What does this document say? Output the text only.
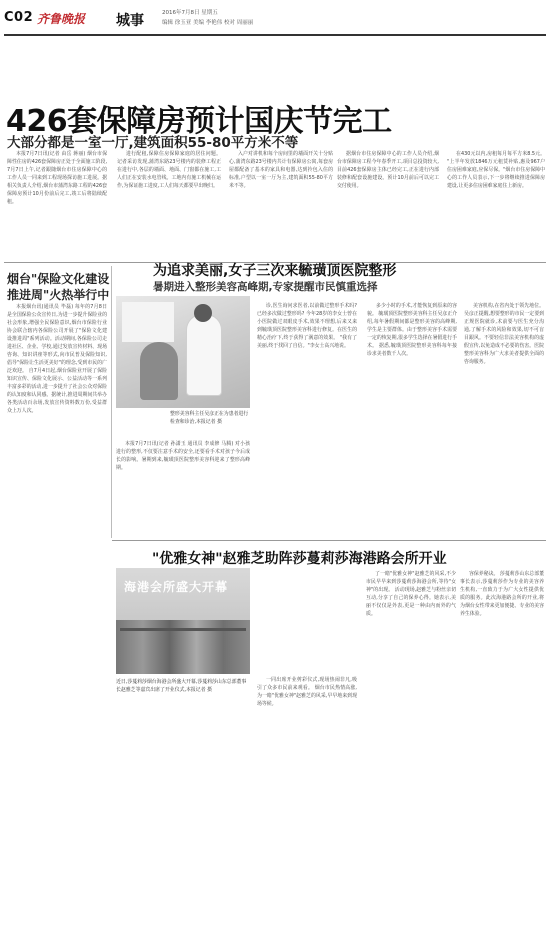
C02 齐鲁晚报 城事	2016年7月8日 星期五
编辑 徐玉亚 美编 李艳伟 校对 周丽丽
426套保障房预计国庆节完工
大部分都是一室一厅,建筑面积55-80平方米不等

本报7月7日讯(记者 由岳 蒋丽) 烟台市保障性住房的426套保障房正处于全面施工阶段,7月7日上午,记者跟随烟台市住房保障中心的工作人员一同来到工程现场探访施工进展。据相关负责人介绍,烟台市蒲湾东路工程的426套保障房预计10月份前后完工,竣工后将陆续配租。

进行配租,保障住房保障家庭的居住问题。 记者采访发现,蒲湾东路23号楼内的装修工程正在进行中,各层的墙面、地面、门窗都在施工,工人们正在安装水电管线。工地内有施工机械在运作,为保证施工进度,工人们每天都要早出晚归。

入户对讲机和每个房间里的墙面开关十分贴心,蒲湾东路23号楼内共计有保障房公寓,每套房屋都配备了基本的家具和电器,达到拎包入住的标准,户型以一室一厅为主,建筑面积55-80平方米不等。

据烟台市住房保障中心的工作人员介绍,烟台市保障房工程今年春季开工,项目总投资较大,目前426套保障房主体已经完工,正在进行内部装修和配套设施建设。预计10月前后可以完工交付使用。

在430元以内,房租每月每平方米8.5元。 "上半年发放1846万元租赁补贴,惠及967户住房困难家庭,应保尽保。"烟台市住房保障中心的工作人员表示,下一步将继续推进保障房建设,让更多住房困难家庭住上新房。

烟台"保险文化建设
推进周"火热举行中

本报烟台讯(通讯员 毕磊) 每年的7月8日是全国保险公众宣传日,为进一步提升保险业的社会形象,增强全民保险意识,烟台市保险行业协会联合辖内各保险公司开展了"保险文化建设推进周"系列活动。活动期间,各保险公司走进社区、企业、学校,通过发放宣传材料、现场咨询、知识讲座等形式,向市民普及保险知识,倡导"保险让生活更美好"的理念,受到市民的广泛欢迎。 自7月4日起,烟台保险业开展了保险知识宣传、保险文化展示、公益活动等一系列丰富多彩的活动,进一步提升了社会公众对保险的认知度和认同感。据统计,推进周期间共举办各类活动百余场,发放宣传资料数万份,受益群众上万人次。

为追求美丽,女子三次来毓璜顶医院整形
暑期进入整形美容高峰期,专家提醒市民慎重选择
整形美容科主任吴彦正在为患者进行检查和诊治,本报记者 摄

本报7月7日讯(记者 孙潇玉 通讯员 李成修 马腾) 对小孩进行的整形,不仅要注意手术的安全,还要看手术对孩子今后成长的影响。暑期到来,毓璜顶医院整形美容科迎来了整形高峰期。

诊,医生询问求医者,以前做过整形手术吗?已经多次做过整形吗? 今年28岁的李女士曾在小医院做过双眼皮手术,效果不理想,后来又来到毓璜顶医院整形美容科进行修复。在医生的精心治疗下,终于获得了满意的效果。 "我有了美丽,终于找回了自信。"李女士高兴地说。

多少小时的手术,才能恢复到原来的容貌。 毓璜顶医院整形美容科主任吴彦正介绍,每年暑假期间都是整形美容的高峰期,学生是主要群体。由于整形美容手术需要一定的恢复期,很多学生选择在暑假进行手术。 据悉,毓璜顶医院整形美容科每年接诊求美者数千人次。

美容机构,在省内处于领先地位。 吴彦正提醒,想要整形的市民一定要到正规医院就诊,术前要与医生充分沟通,了解手术的风险和效果,切不可盲目跟风。不要轻信非法美容机构的虚假宣传,以免造成不必要的伤害。医院整形美容科为广大求美者提供全面的咨询服务。

"优雅女神"赵雅芝助阵莎蔓莉莎海港路会所开业
海港会所盛大开幕
近日,莎蔓莉莎烟台海港会所盛大开幕,莎蔓莉莎山东总部董事长赵雅芝等嘉宾出席了开业仪式,本报记者 摄

一同出席开业剪彩仪式,现场热闹非凡,吸引了众多市民前来观看。 烟台市民热情高涨,为一睹"优雅女神"赵雅芝的风采,早早地来到现场等候。

了一睹"优雅女神"赵雅芝的风采,不少市民早早来到莎蔓莉莎海港会所,等待"女神"的出现。 活动现场,赵雅芝与粉丝亲切互动,分享了自己的保养心得。她表示,美丽不仅仅是外表,更是一种由内而外的气质。

容保养秘诀。 莎蔓莉莎山东总部董事长表示,莎蔓莉莎作为专业的美容养生机构,一直致力于为广大女性提供优质的服务。此次海港路会所的开业,将为烟台女性带来更加便捷、专业的美容养生体验。
